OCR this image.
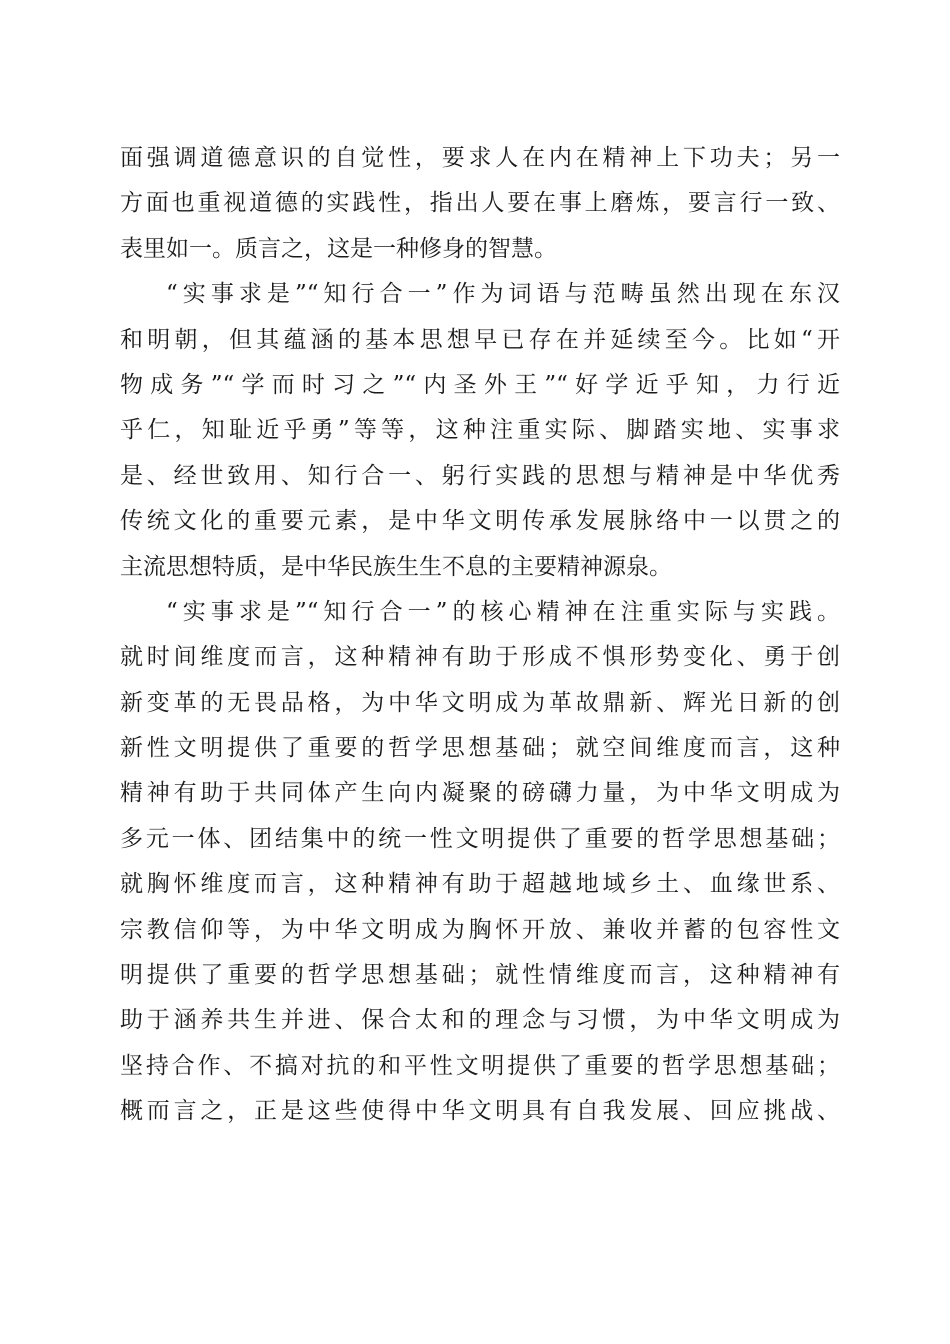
面强调道德意识的自觉性，要求人在内在精神上下功夫；另一
方面也重视道德的实践性，指出人要在事上磨炼，要言行一致、
表里如一。质言之，这是一种修身的智慧。
“实事求是”“知行合一”作为词语与范畴虽然出现在东汉
和明朝，但其蕴涵的基本思想早已存在并延续至今。比如“开
物成务”“学而时习之”“内圣外王”“好学近乎知，力行近
乎仁，知耻近乎勇”等等，这种注重实际、脚踏实地、实事求
是、经世致用、知行合一、躬行实践的思想与精神是中华优秀
传统文化的重要元素，是中华文明传承发展脉络中一以贯之的
主流思想特质，是中华民族生生不息的主要精神源泉。
“实事求是”“知行合一”的核心精神在注重实际与实践。
就时间维度而言，这种精神有助于形成不惧形势变化、勇于创
新变革的无畏品格，为中华文明成为革故鼎新、辉光日新的创
新性文明提供了重要的哲学思想基础；就空间维度而言，这种
精神有助于共同体产生向内凝聚的磅礴力量，为中华文明成为
多元一体、团结集中的统一性文明提供了重要的哲学思想基础；
就胸怀维度而言，这种精神有助于超越地域乡土、血缘世系、
宗教信仰等，为中华文明成为胸怀开放、兼收并蓄的包容性文
明提供了重要的哲学思想基础；就性情维度而言，这种精神有
助于涵养共生并进、保合太和的理念与习惯，为中华文明成为
坚持合作、不搞对抗的和平性文明提供了重要的哲学思想基础；
概而言之，正是这些使得中华文明具有自我发展、回应挑战、
